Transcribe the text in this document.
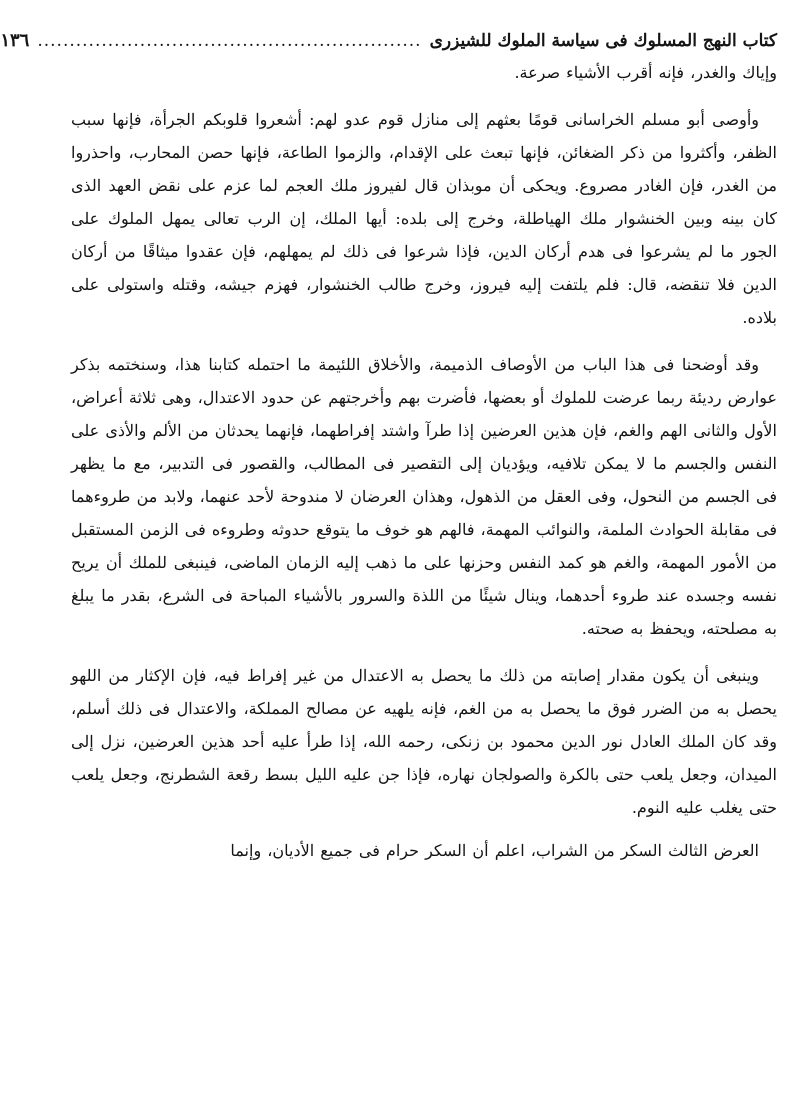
كتاب النهج المسلوك فى سياسة الملوك للشيزرى
............................................................
١٣٦

وإياك والغدر، فإنه أقرب الأشياء صرعة.

وأوصى أبو مسلم الخراسانى قومًا بعثهم إلى منازل قوم عدو لهم: أشعروا قلوبكم الجرأة، فإنها سبب الظفر، وأكثروا من ذكر الضغائن، فإنها تبعث على الإقدام، والزموا الطاعة، فإنها حصن المحارب، واحذروا من الغدر، فإن الغادر مصروع. ويحكى أن موبذان قال لفيروز ملك العجم لما عزم على نقض العهد الذى كان بينه وبين الخنشوار ملك الهياطلة، وخرج إلى بلده: أيها الملك، إن الرب تعالى يمهل الملوك على الجور ما لم يشرعوا فى هدم أركان الدين، فإذا شرعوا فى ذلك لم يمهلهم، فإن عقدوا ميثاقًا من أركان الدين فلا تنقضه، قال: فلم يلتفت إليه فيروز، وخرج طالب الخنشوار، فهزم جيشه، وقتله واستولى على بلاده.

وقد أوضحنا فى هذا الباب من الأوصاف الذميمة، والأخلاق اللئيمة ما احتمله كتابنا هذا، وسنختمه بذكر عوارض رديئة ربما عرضت للملوك أو بعضها، فأضرت بهم وأخرجتهم عن حدود الاعتدال، وهى ثلاثة أعراض، الأول والثانى الهم والغم، فإن هذين العرضين إذا طرآ واشتد إفراطهما، فإنهما يحدثان من الألم والأذى على النفس والجسم ما لا يمكن تلافيه، ويؤديان إلى التقصير فى المطالب، والقصور فى التدبير، مع ما يظهر فى الجسم من النحول، وفى العقل من الذهول، وهذان العرضان لا مندوحة لأحد عنهما، ولابد من طروءهما فى مقابلة الحوادث الملمة، والنوائب المهمة، فالهم هو خوف ما يتوقع حدوثه وطروءه فى الزمن المستقبل من الأمور المهمة، والغم هو كمد النفس وحزنها على ما ذهب إليه الزمان الماضى، فينبغى للملك أن يريح نفسه وجسده عند طروء أحدهما، وينال شيئًا من اللذة والسرور بالأشياء المباحة فى الشرع، بقدر ما يبلغ به مصلحته، ويحفظ به صحته.

وينبغى أن يكون مقدار إصابته من ذلك ما يحصل به الاعتدال من غير إفراط فيه، فإن الإكثار من اللهو يحصل به من الضرر فوق ما يحصل به من الغم، فإنه يلهيه عن مصالح المملكة، والاعتدال فى ذلك أسلم، وقد كان الملك العادل نور الدين محمود بن زنكى، رحمه الله، إذا طرأ عليه أحد هذين العرضين، نزل إلى الميدان، وجعل يلعب حتى بالكرة والصولجان نهاره، فإذا جن عليه الليل بسط رقعة الشطرنج، وجعل يلعب حتى يغلب عليه النوم.

العرض الثالث السكر من الشراب، اعلم أن السكر حرام فى جميع الأديان، وإنما
